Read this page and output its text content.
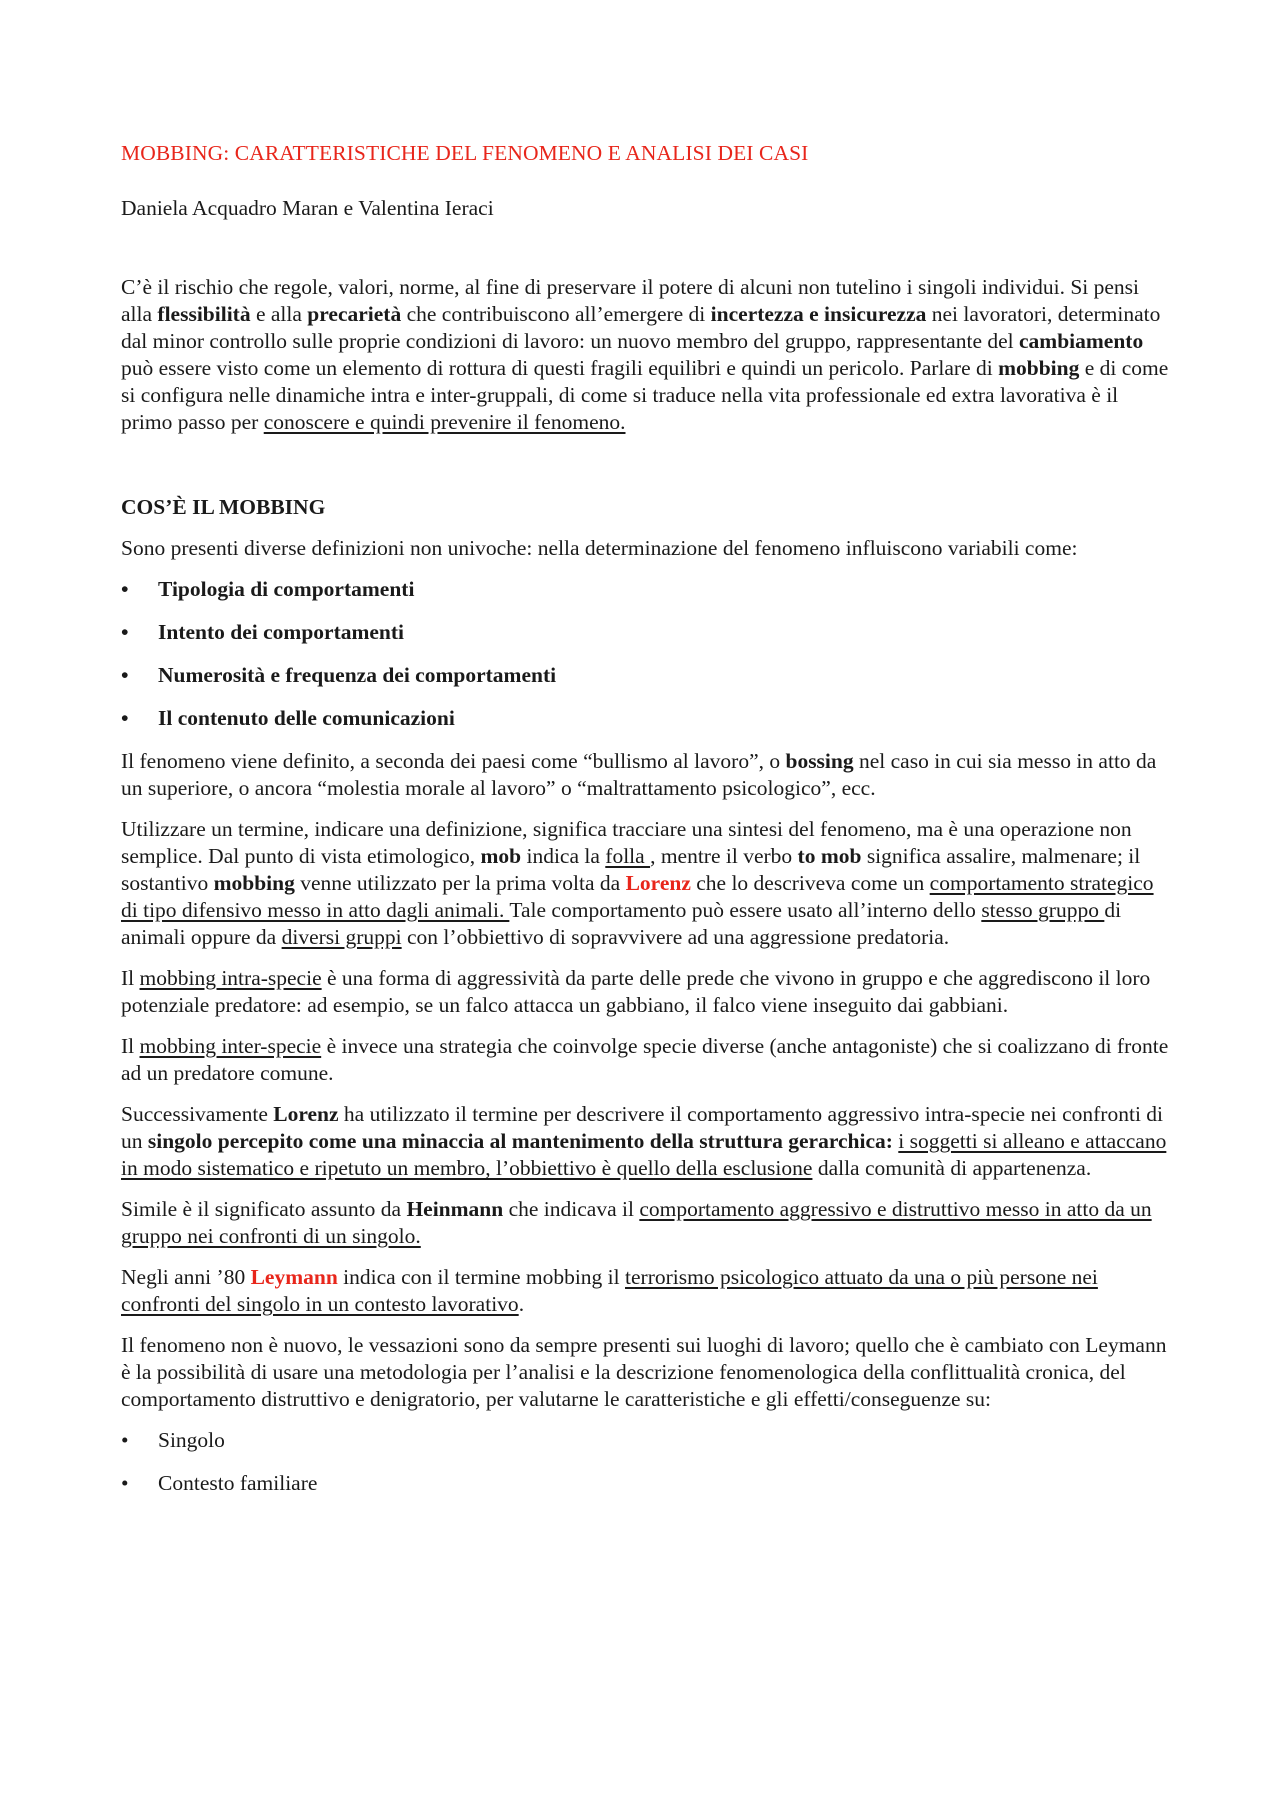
MOBBING: CARATTERISTICHE DEL FENOMENO E ANALISI DEI CASI

Daniela Acquadro Maran e Valentina Ieraci

C’è il rischio che regole, valori, norme, al fine di preservare il potere di alcuni non tutelino i singoli individui. Si pensi alla flessibilità e alla precarietà che contribuiscono all’emergere di incertezza e insicurezza nei lavoratori, determinato dal minor controllo sulle proprie condizioni di lavoro: un nuovo membro del gruppo, rappresentante del cambiamento può essere visto come un elemento di rottura di questi fragili equilibri e quindi un pericolo. Parlare di mobbing e di come si configura nelle dinamiche intra e inter-gruppali, di come si traduce nella vita professionale ed extra lavorativa è il primo passo per conoscere e quindi prevenire il fenomeno.

COS’È IL MOBBING

Sono presenti diverse definizioni non univoche: nella determinazione del fenomeno influiscono variabili come:

• Tipologia di comportamenti
• Intento dei comportamenti
• Numerosità e frequenza dei comportamenti
• Il contenuto delle comunicazioni

Il fenomeno viene definito, a seconda dei paesi come “bullismo al lavoro”, o bossing nel caso in cui sia messo in atto da un superiore, o ancora “molestia morale al lavoro” o “maltrattamento psicologico”, ecc.

Utilizzare un termine, indicare una definizione, significa tracciare una sintesi del fenomeno, ma è una operazione non semplice. Dal punto di vista etimologico, mob indica la folla , mentre il verbo to mob significa assalire, malmenare; il sostantivo mobbing venne utilizzato per la prima volta da Lorenz che lo descriveva come un comportamento strategico di tipo difensivo messo in atto dagli animali. Tale comportamento può essere usato all’interno dello stesso gruppo di animali oppure da diversi gruppi con l’obbiettivo di sopravvivere ad una aggressione predatoria.

Il mobbing intra-specie è una forma di aggressività da parte delle prede che vivono in gruppo e che aggrediscono il loro potenziale predatore: ad esempio, se un falco attacca un gabbiano, il falco viene inseguito dai gabbiani.

Il mobbing inter-specie è invece una strategia che coinvolge specie diverse (anche antagoniste) che si coalizzano di fronte ad un predatore comune.

Successivamente Lorenz ha utilizzato il termine per descrivere il comportamento aggressivo intra-specie nei confronti di un singolo percepito come una minaccia al mantenimento della struttura gerarchica: i soggetti si alleano e attaccano in modo sistematico e ripetuto un membro, l’obbiettivo è quello della esclusione dalla comunità di appartenenza.

Simile è il significato assunto da Heinmann che indicava il comportamento aggressivo e distruttivo messo in atto da un gruppo nei confronti di un singolo.

Negli anni ’80 Leymann indica con il termine mobbing il terrorismo psicologico attuato da una o più persone nei confronti del singolo in un contesto lavorativo.

Il fenomeno non è nuovo, le vessazioni sono da sempre presenti sui luoghi di lavoro; quello che è cambiato con Leymann è la possibilità di usare una metodologia per l’analisi e la descrizione fenomenologica della conflittualità cronica, del comportamento distruttivo e denigratorio, per valutarne le caratteristiche e gli effetti/conseguenze su:

• Singolo
• Contesto familiare
